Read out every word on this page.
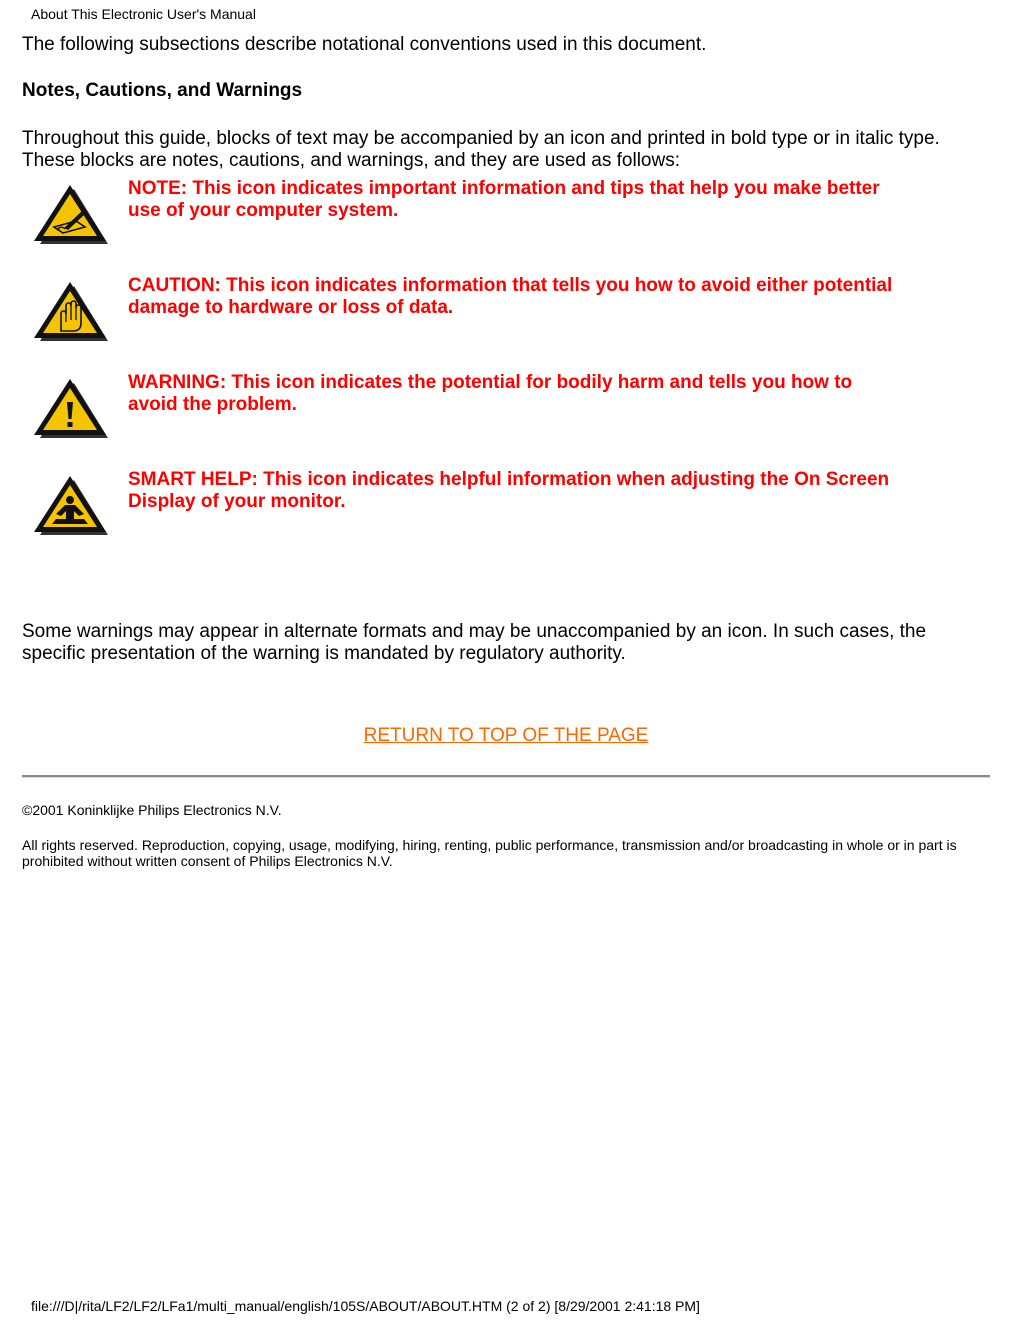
About This Electronic User's Manual

The following subsections describe notational conventions used in this document.

Notes, Cautions, and Warnings
Throughout this guide, blocks of text may be accompanied by an icon and printed in bold type or in italic type.
These blocks are notes, cautions, and warnings, and they are used as follows:
NOTE: This icon indicates important information and tips that help you make better
use of your computer system.
CAUTION: This icon indicates information that tells you how to avoid either potential
damage to hardware or loss of data.
WARNING: This icon indicates the potential for bodily harm and tells you how to
avoid the problem.
SMART HELP: This icon indicates helpful information when adjusting the On Screen
Display of your monitor.
Some warnings may appear in alternate formats and may be unaccompanied by an icon. In such cases, the
specific presentation of the warning is mandated by regulatory authority.
RETURN TO TOP OF THE PAGE
©2001 Koninklijke Philips Electronics N.V.
All rights reserved. Reproduction, copying, usage, modifying, hiring, renting, public performance, transmission and/or broadcasting in whole or in part is prohibited without written consent of Philips Electronics N.V.
file:///D|/rita/LF2/LF2/LFa1/multi_manual/english/105S/ABOUT/ABOUT.HTM (2 of 2) [8/29/2001 2:41:18 PM]
